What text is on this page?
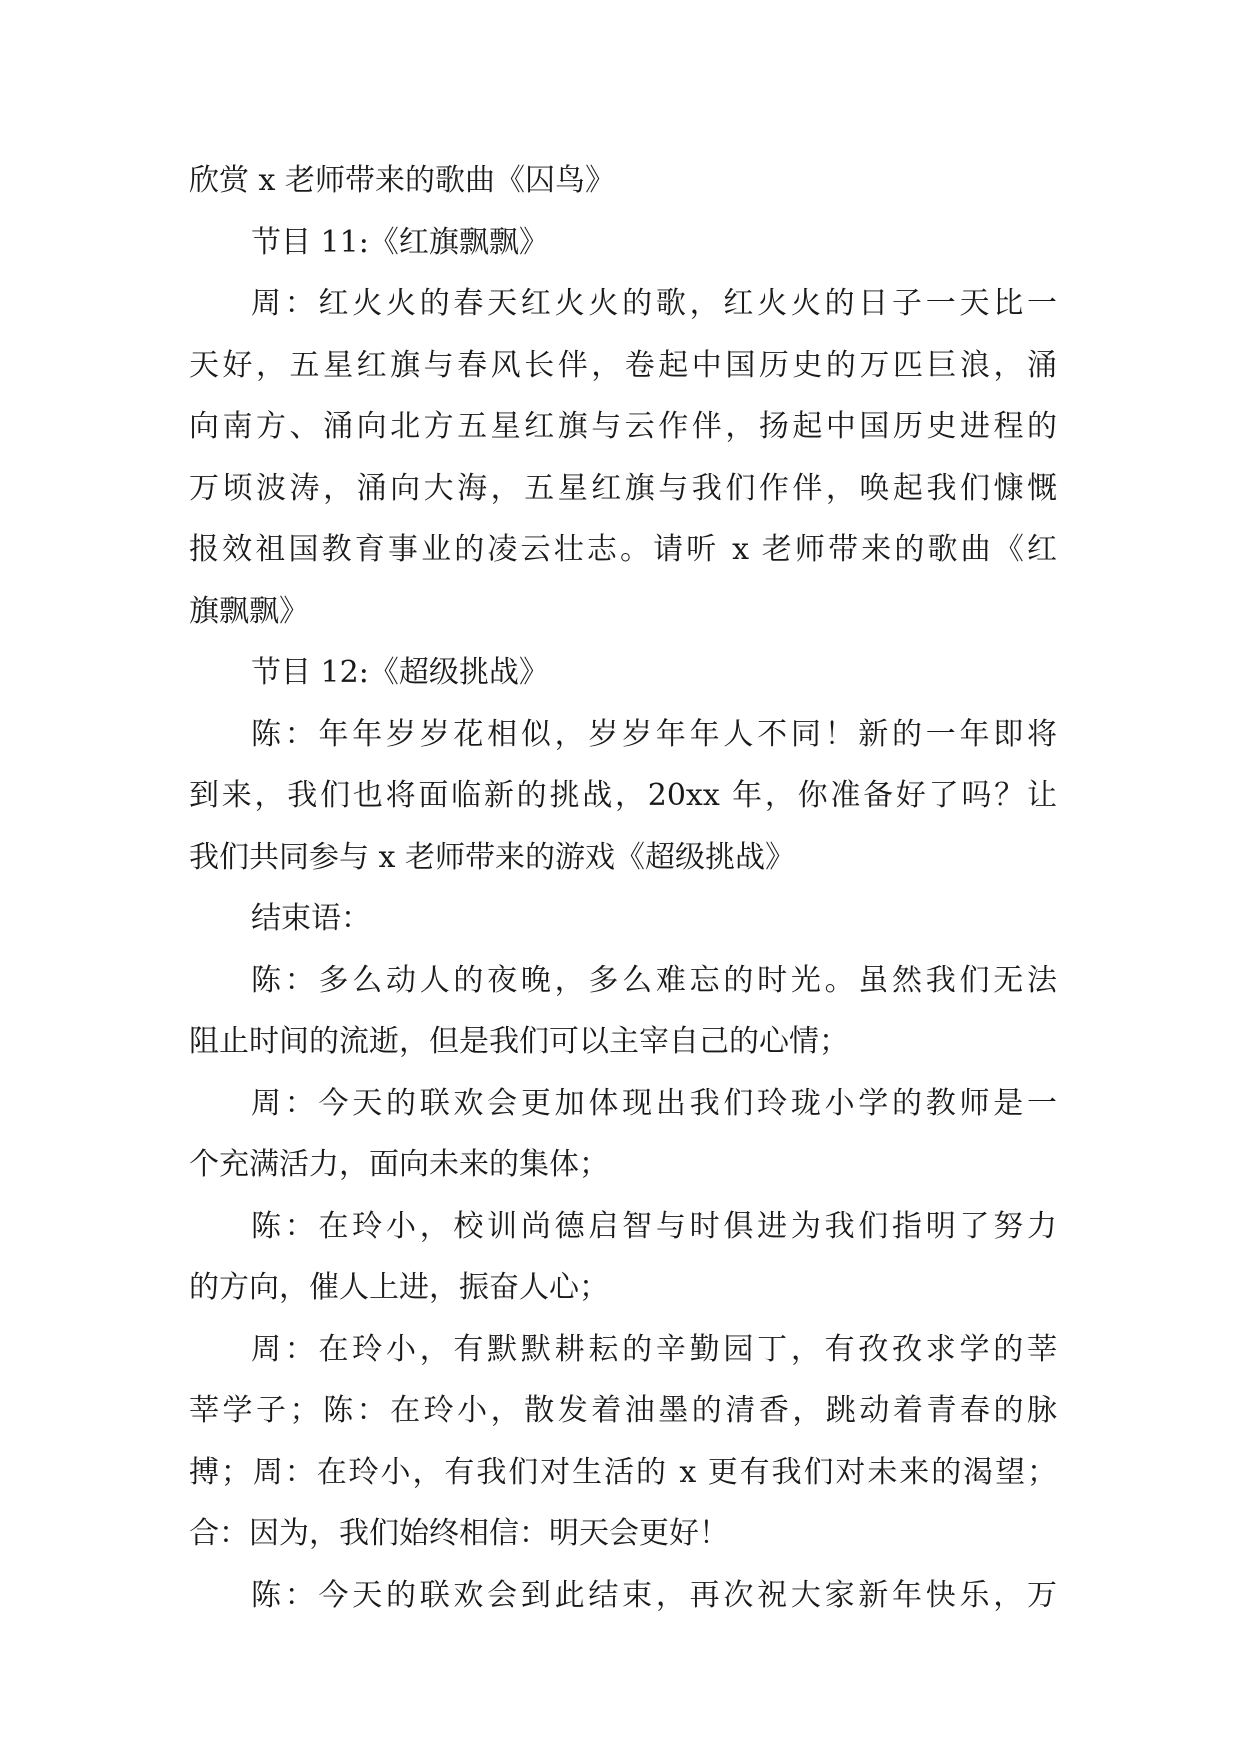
欣赏 x 老师带来的歌曲《囚鸟》
节目 11:《红旗飘飘》
周：红火火的春天红火火的歌，红火火的日子一天比一
天好，五星红旗与春风长伴，卷起中国历史的万匹巨浪，涌
向南方、涌向北方五星红旗与云作伴，扬起中国历史进程的
万顷波涛，涌向大海，五星红旗与我们作伴，唤起我们慷慨
报效祖国教育事业的凌云壮志。请听 x 老师带来的歌曲《红
旗飘飘》
节目 12:《超级挑战》
陈：年年岁岁花相似，岁岁年年人不同！新的一年即将
到来，我们也将面临新的挑战，20xx 年，你准备好了吗？让
我们共同参与 x 老师带来的游戏《超级挑战》
结束语：
陈：多么动人的夜晚，多么难忘的时光。虽然我们无法
阻止时间的流逝，但是我们可以主宰自己的心情；
周：今天的联欢会更加体现出我们玲珑小学的教师是一
个充满活力，面向未来的集体；
陈：在玲小，校训尚德启智与时俱进为我们指明了努力
的方向，催人上进，振奋人心；
周：在玲小，有默默耕耘的辛勤园丁，有孜孜求学的莘
莘学子；陈：在玲小，散发着油墨的清香，跳动着青春的脉
搏；周：在玲小，有我们对生活的 x 更有我们对未来的渴望；
合：因为，我们始终相信：明天会更好！
陈：今天的联欢会到此结束，再次祝大家新年快乐，万
